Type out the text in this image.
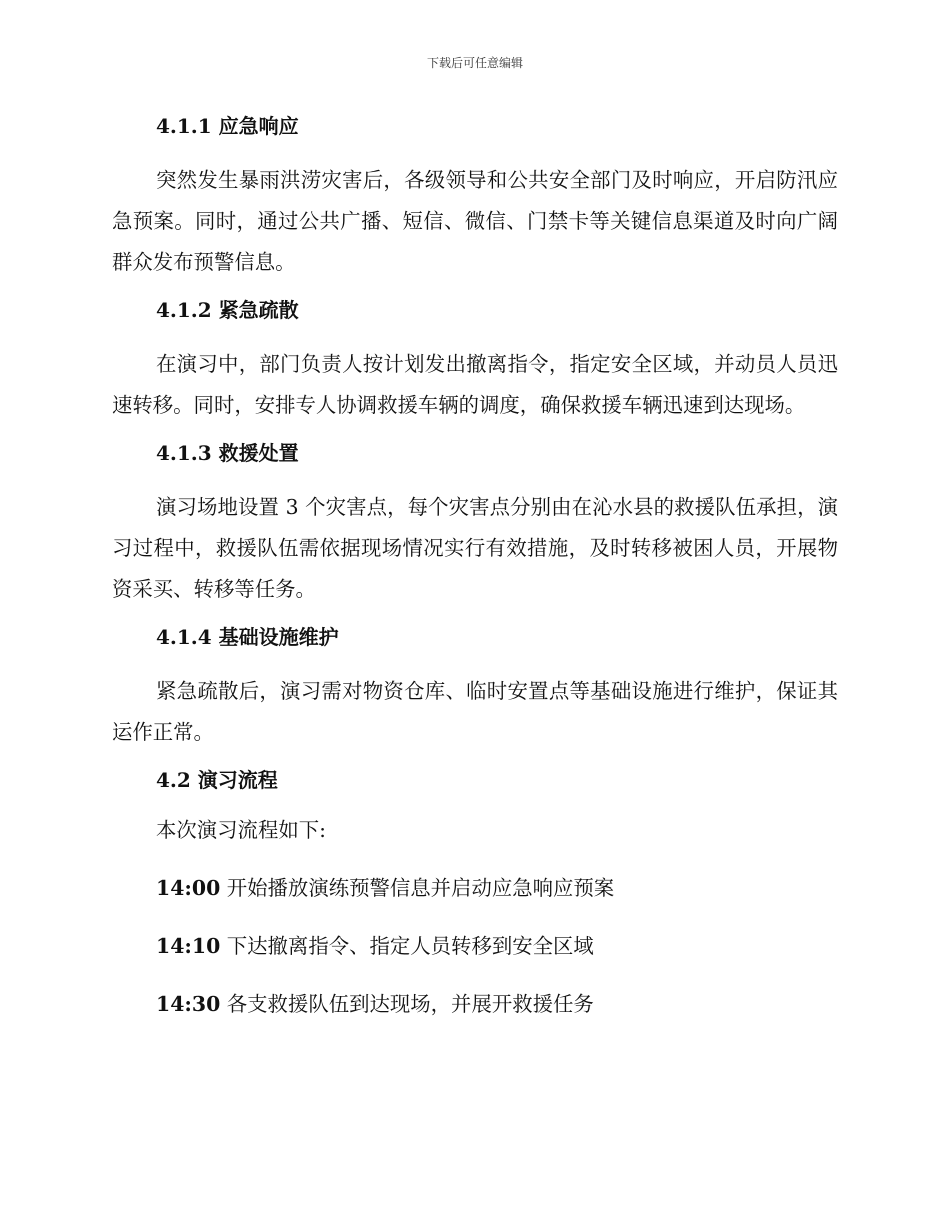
下载后可任意编辑
4.1.1 应急响应
突然发生暴雨洪涝灾害后，各级领导和公共安全部门及时响应，开启防汛应急预案。同时，通过公共广播、短信、微信、门禁卡等关键信息渠道及时向广阔群众发布预警信息。
4.1.2 紧急疏散
在演习中，部门负责人按计划发出撤离指令，指定安全区域，并动员人员迅速转移。同时，安排专人协调救援车辆的调度，确保救援车辆迅速到达现场。
4.1.3 救援处置
演习场地设置 3 个灾害点，每个灾害点分别由在沁水县的救援队伍承担，演习过程中，救援队伍需依据现场情况实行有效措施，及时转移被困人员，开展物资采买、转移等任务。
4.1.4 基础设施维护
紧急疏散后，演习需对物资仓库、临时安置点等基础设施进行维护，保证其运作正常。
4.2 演习流程
本次演习流程如下:
14:00 开始播放演练预警信息并启动应急响应预案
14:10 下达撤离指令、指定人员转移到安全区域
14:30 各支救援队伍到达现场，并展开救援任务
